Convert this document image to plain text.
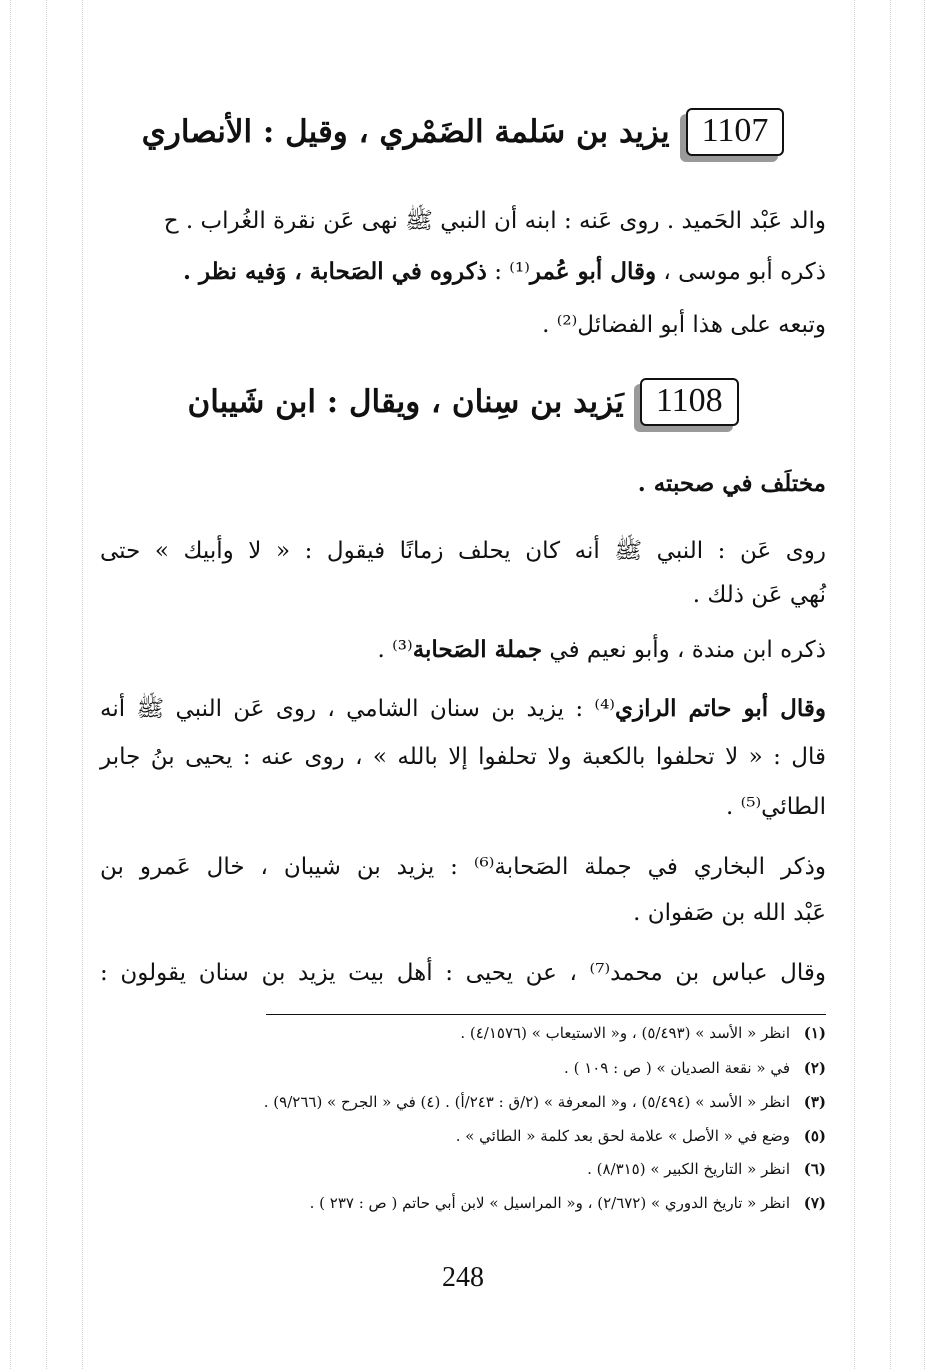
1107
يزيد بن سَلمة الضَمْري ، وقيل : الأنصاري
والد عَبْد الحَميد . روى عَنه : ابنه أن النبي ﷺ نهى عَن نقرة الغُراب . ح
ذكره أبو موسى ، وقال أبو عُمر⁽¹⁾ : ذكروه في الصَحابة ، وَفيه نظر .
وتبعه على هذا أبو الفضائل⁽²⁾ .
1108
يَزيد بن سِنان ، ويقال : ابن شَيبان
مختلَف في صحبته .
روى عَن : النبي ﷺ أنه كان يحلف زمانًا فيقول : « لا وأبيك » حتى
نُهي عَن ذلك .
ذكره ابن مندة ، وأبو نعيم في جملة الصَحابة⁽³⁾ .
وقال أبو حاتم الرازي⁽⁴⁾ : يزيد بن سنان الشامي ، روى عَن النبي ﷺ أنه
قال : « لا تحلفوا بالكعبة ولا تحلفوا إلا بالله » ، روى عنه : يحيى بنُ جابر
الطائي⁽⁵⁾ .
وذكر البخاري في جملة الصَحابة⁽⁶⁾ : يزيد بن شيبان ، خال عَمرو بن
عَبْد الله بن صَفوان .
وقال عباس بن محمد⁽⁷⁾ ، عن يحيى : أهل بيت يزيد بن سنان يقولون :
(١)انظر « الأسد » (٥/٤٩٣) ، و« الاستيعاب » (٤/١٥٧٦) .
(٢)في « نقعة الصديان » ( ص : ١٠٩ ) .
(٣)انظر « الأسد » (٥/٤٩٤) ، و« المعرفة » (٢/ق : ٢٤٣/أ) . (٤) في « الجرح » (٩/٢٦٦) .
(٥)وضع في « الأصل » علامة لحق بعد كلمة « الطائي » .
(٦)انظر « التاريخ الكبير » (٨/٣١٥) .
(٧)انظر « تاريخ الدوري » (٢/٦٧٢) ، و« المراسيل » لابن أبي حاتم ( ص : ٢٣٧ ) .
248
